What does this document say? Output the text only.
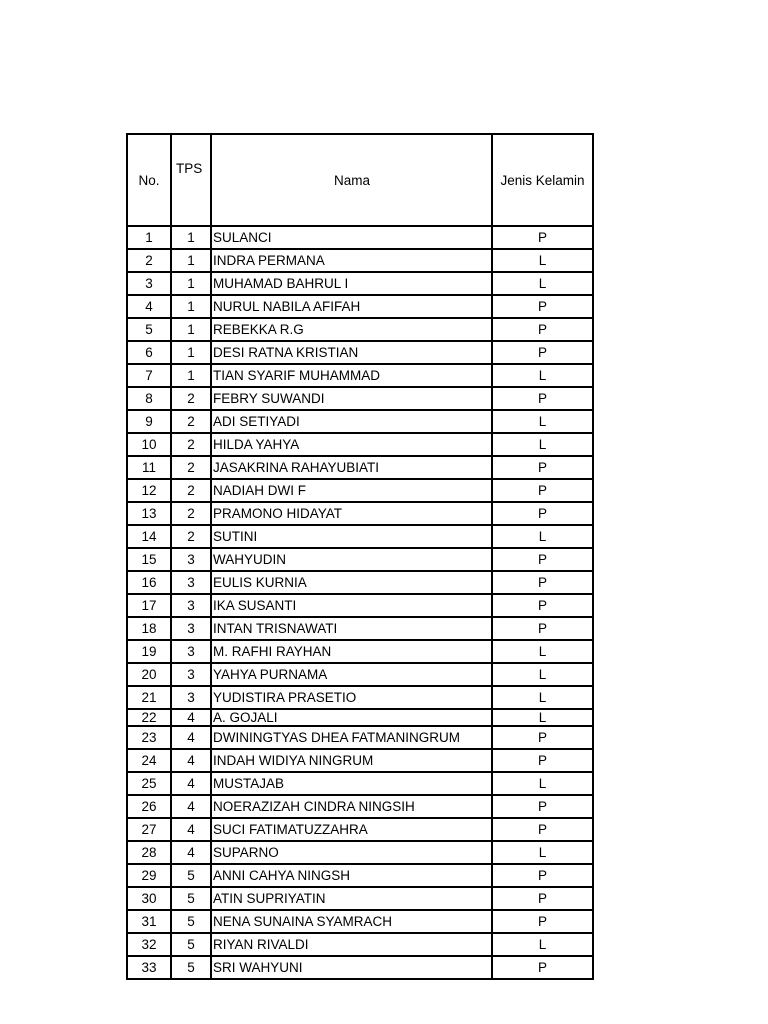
No.	TPS	Nama	Jenis Kelamin
1	1	SULANCI	P
2	1	INDRA PERMANA	L
3	1	MUHAMAD BAHRUL I	L
4	1	NURUL NABILA AFIFAH	P
5	1	REBEKKA R.G	P
6	1	DESI RATNA KRISTIAN	P
7	1	TIAN SYARIF MUHAMMAD	L
8	2	FEBRY SUWANDI	P
9	2	ADI SETIYADI	L
10	2	HILDA YAHYA	L
11	2	JASAKRINA RAHAYUBIATI	P
12	2	NADIAH DWI F	P
13	2	PRAMONO HIDAYAT	P
14	2	SUTINI	L
15	3	WAHYUDIN	P
16	3	EULIS KURNIA	P
17	3	IKA SUSANTI	P
18	3	INTAN TRISNAWATI	P
19	3	M. RAFHI RAYHAN	L
20	3	YAHYA PURNAMA	L
21	3	YUDISTIRA PRASETIO	L
22	4	A. GOJALI	L
23	4	DWININGTYAS DHEA FATMANINGRUM	P
24	4	INDAH WIDIYA NINGRUM	P
25	4	MUSTAJAB	L
26	4	NOERAZIZAH CINDRA NINGSIH	P
27	4	SUCI FATIMATUZZAHRA	P
28	4	SUPARNO	L
29	5	ANNI CAHYA NINGSH	P
30	5	ATIN SUPRIYATIN	P
31	5	NENA SUNAINA SYAMRACH	P
32	5	RIYAN RIVALDI	L
33	5	SRI WAHYUNI	P
